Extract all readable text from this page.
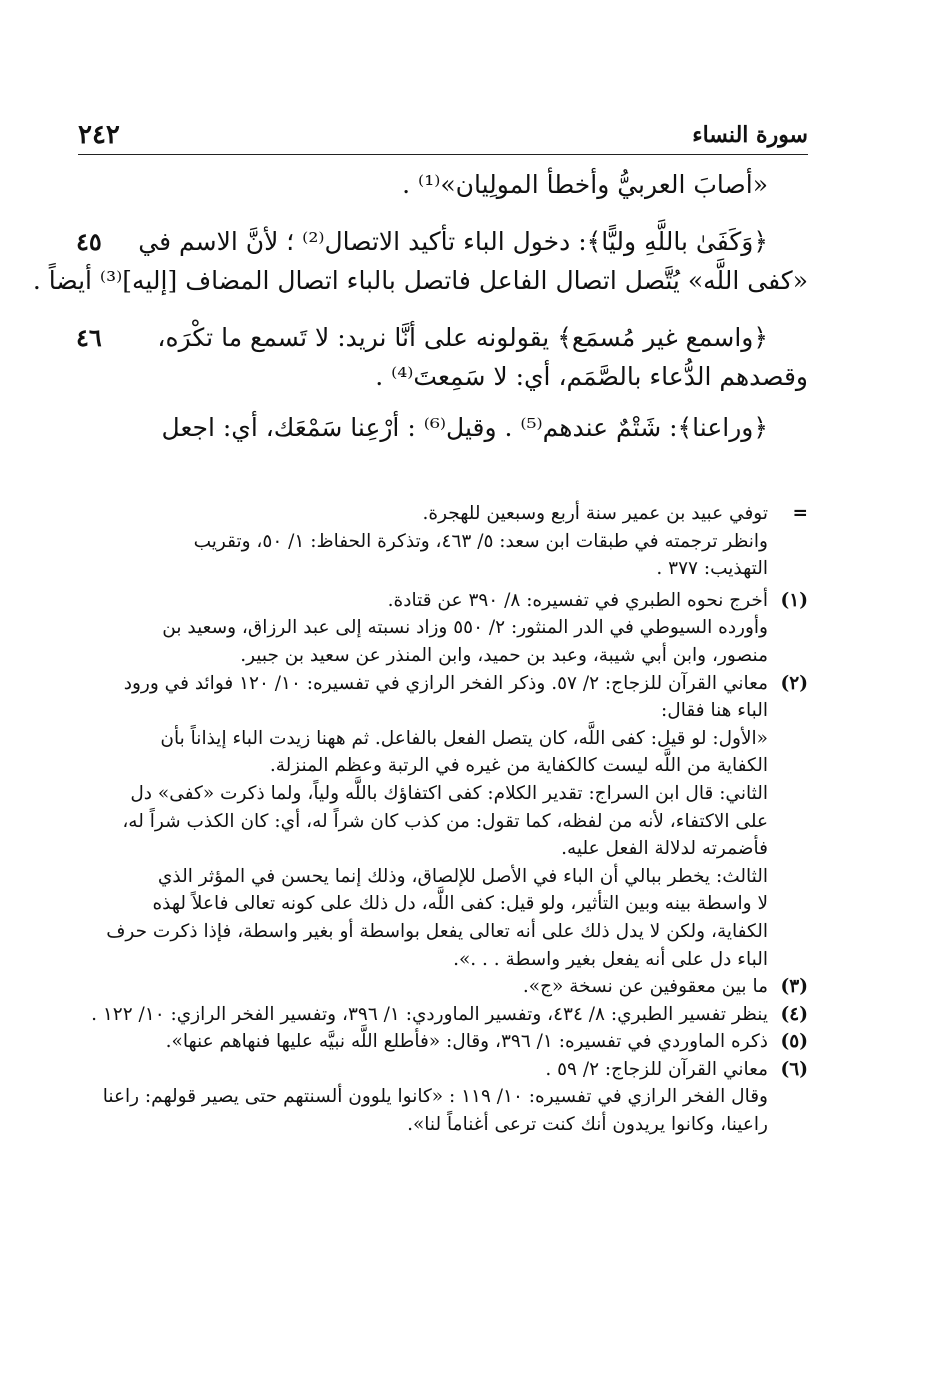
سورة النساء
٢٤٢
«أصابَ العربيُّ وأخطأ المولِيان»⁽¹⁾ .
٤٥ ﴿وَكَفَىٰ باللَّهِ وليًّا﴾: دخول الباء تأكيد الاتصال⁽²⁾ ؛ لأنَّ الاسم في
«كفى اللَّه» يُتَّصل اتصال الفاعل فاتصل بالباء اتصال المضاف [إليه]⁽³⁾ أيضاً .
٤٦	﴿واسمع غير مُسمَع﴾ يقولونه على أنَّا نريد: لا تَسمع ما تكْرَه،
وقصدهم الدُّعاء بالصَّمَم، أي: لا سَمِعتَ⁽⁴⁾ .
﴿وراعنا﴾: شَتْمٌ عندهم⁽⁵⁾ . وقيل⁽⁶⁾ : أرْعِنا سَمْعَك، أي: اجعل
=
توفي عبيد بن عمير سنة أربع وسبعين للهجرة.
وانظر ترجمته في طبقات ابن سعد: ٥/ ٤٦٣، وتذكرة الحفاظ: ١/ ٥٠، وتقريب
التهذيب: ٣٧٧ .
(١)
أخرج نحوه الطبري في تفسيره: ٨/ ٣٩٠ عن قتادة.
وأورده السيوطي في الدر المنثور: ٢/ ٥٥٠ وزاد نسبته إلى عبد الرزاق، وسعيد بن
منصور، وابن أبي شيبة، وعبد بن حميد، وابن المنذر عن سعيد بن جبير.
(٢)
معاني القرآن للزجاج: ٢/ ٥٧. وذكر الفخر الرازي في تفسيره: ١٠/ ١٢٠ فوائد في ورود
الباء هنا فقال:
«الأول: لو قيل: كفى اللَّه، كان يتصل الفعل بالفاعل. ثم ههنا زيدت الباء إيذاناً بأن
الكفاية من اللَّه ليست كالكفاية من غيره في الرتبة وعظم المنزلة.
الثاني: قال ابن السراج: تقدير الكلام: كفى اكتفاؤك باللَّه ولياً، ولما ذكرت «كفى» دل
على الاكتفاء، لأنه من لفظه، كما تقول: من كذب كان شراً له، أي: كان الكذب شراً له،
فأضمرته لدلالة الفعل عليه.
الثالث: يخطر ببالي أن الباء في الأصل للإلصاق، وذلك إنما يحسن في المؤثر الذي
لا واسطة بينه وبين التأثير، ولو قيل: كفى اللَّه، دل ذلك على كونه تعالى فاعلاً لهذه
الكفاية، ولكن لا يدل ذلك على أنه تعالى يفعل بواسطة أو بغير واسطة، فإذا ذكرت حرف
الباء دل على أنه يفعل بغير واسطة . . .».
(٣)
ما بين معقوفين عن نسخة «ج».
(٤)
ينظر تفسير الطبري: ٨/ ٤٣٤، وتفسير الماوردي: ١/ ٣٩٦، وتفسير الفخر الرازي: ١٠/ ١٢٢ .
(٥)
ذكره الماوردي في تفسيره: ١/ ٣٩٦، وقال: «فأطلع اللَّه نبيَّه عليها فنهاهم عنها».
(٦)
معاني القرآن للزجاج: ٢/ ٥٩ .
وقال الفخر الرازي في تفسيره: ١٠/ ١١٩ : «كانوا يلوون ألسنتهم حتى يصير قولهم: راعنا
راعينا، وكانوا يريدون أنك كنت ترعى أغناماً لنا».
